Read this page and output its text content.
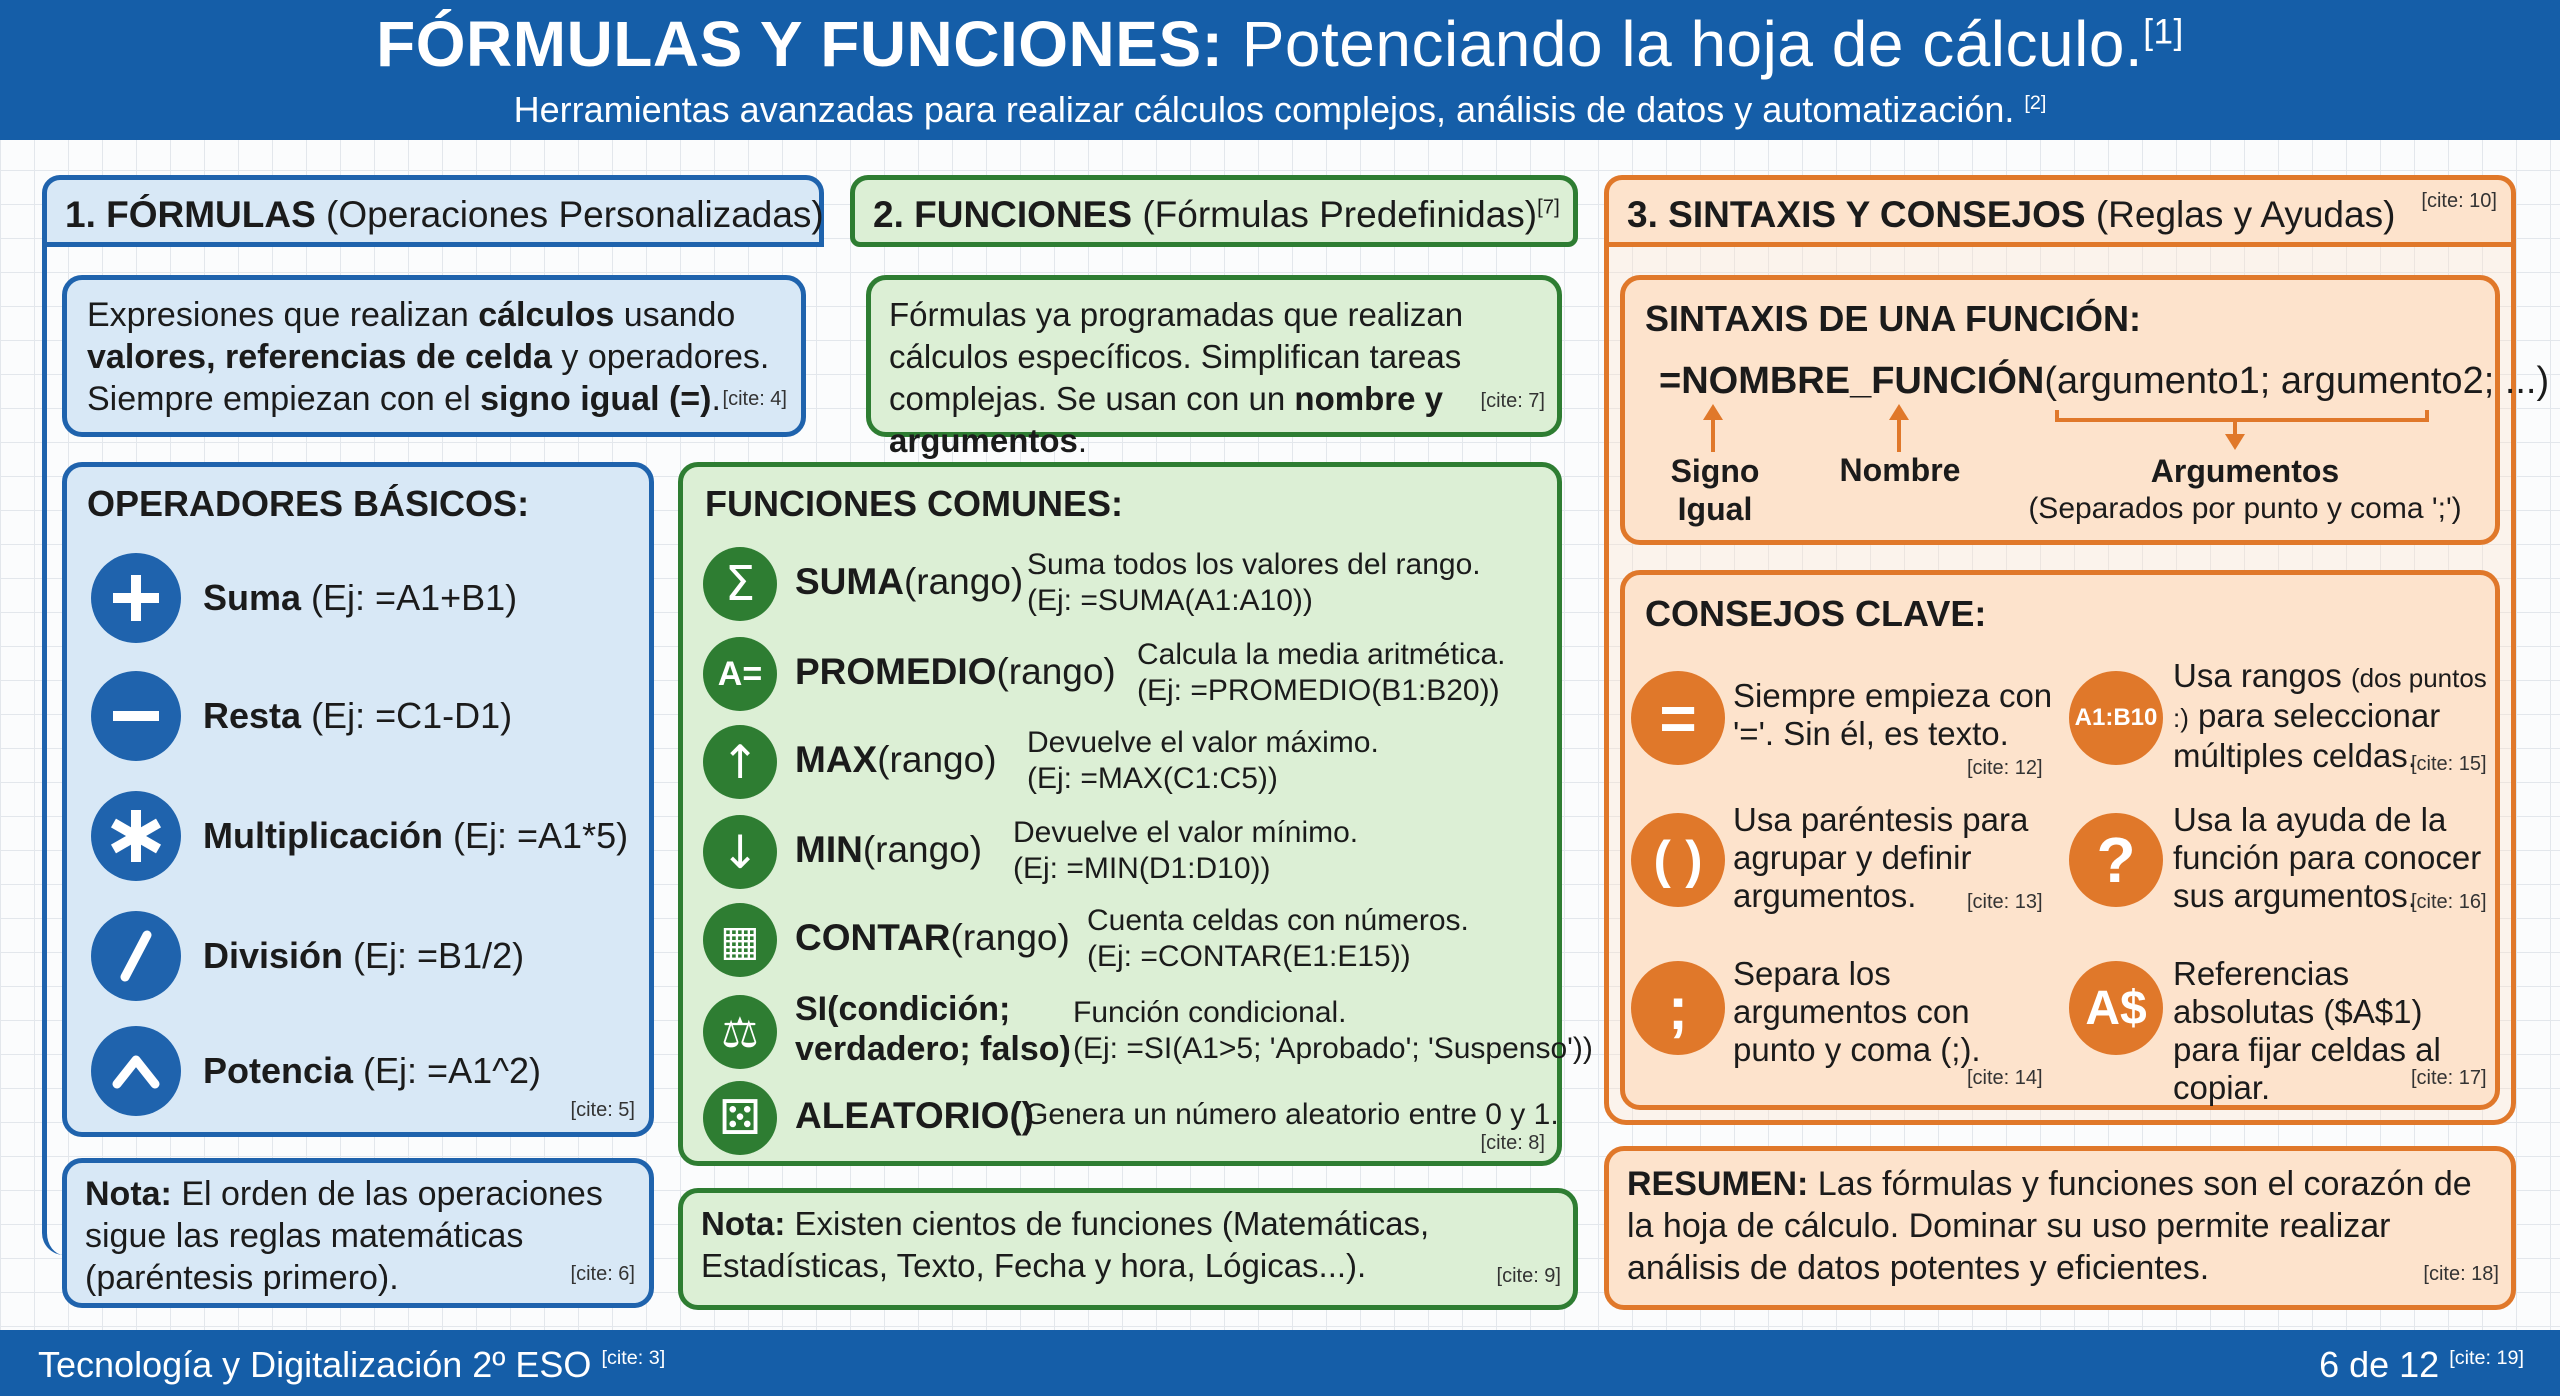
FÓRMULAS Y FUNCIONES: Potenciando la hoja de cálculo.[1]
Herramientas avanzadas para realizar cálculos complejos, análisis de datos y automatización. [2]
1. FÓRMULAS (Operaciones Personalizadas)
Expresiones que realizan cálculos usando valores, referencias de celda y operadores. Siempre empiezan con el signo igual (=). [cite: 4]
OPERADORES BÁSICOS:
Suma (Ej: =A1+B1)
Resta (Ej: =C1-D1)
Multiplicación (Ej: =A1*5)
División (Ej: =B1/2)
Potencia (Ej: =A1^2)
[cite: 5]
Nota: El orden de las operaciones sigue las reglas matemáticas (paréntesis primero).	[cite: 6]
2. FUNCIONES (Fórmulas Predefinidas)[7]
Fórmulas ya programadas que realizan cálculos específicos. Simplifican tareas complejas. Se usan con un nombre y argumentos.
[cite: 7]
FUNCIONES COMUNES:
Σ SUMA(rango) Suma todos los valores del rango.
(Ej: =SUMA(A1:A10))
A= PROMEDIO(rango) Calcula la media aritmética.
(Ej: =PROMEDIO(B1:B20))
↑ MAX(rango) Devuelve el valor máximo.
(Ej: =MAX(C1:C5))
↓ MIN(rango) Devuelve el valor mínimo.
(Ej: =MIN(D1:D10))
▦ CONTAR(rango) Cuenta celdas con números.
(Ej: =CONTAR(E1:E15))
⚖ SI(condición;
verdadero; falso)
Función condicional.
(Ej: =SI(A1>5; 'Aprobado'; 'Suspenso'))
⚄ ALEATORIO()
Genera un número aleatorio entre 0 y 1.
[cite: 8]
Nota: Existen cientos de funciones (Matemáticas, Estadísticas, Texto, Fecha y hora, Lógicas...).	[cite: 9]
3. SINTAXIS Y CONSEJOS (Reglas y Ayudas) [cite: 10]
SINTAXIS DE UNA FUNCIÓN:
=NOMBRE_FUNCIÓN(argumento1; argumento2; ...)
Signo
Igual
Nombre	Argumentos
(Separados por punto y coma ';')
CONSEJOS CLAVE:
= Siempre empieza con '='. Sin él, es texto.
[cite: 12]
A1:B10
Usa rangos (dos puntos :) para seleccionar múltiples celdas.
[cite: 15]
( )
Usa paréntesis para agrupar y definir argumentos.	[cite: 13]
?
Usa la ayuda de la función para conocer sus argumentos.
[cite: 16]
;
Separa los argumentos con punto y coma (;).
[cite: 14]
A$
Referencias absolutas ($A$1) para fijar celdas al copiar.	[cite: 17]
RESUMEN: Las fórmulas y funciones son el corazón de la hoja de cálculo. Dominar su uso permite realizar análisis de datos potentes y eficientes.	[cite: 18]
Tecnología y Digitalización 2º ESO [cite: 3]	6 de 12 [cite: 19]
